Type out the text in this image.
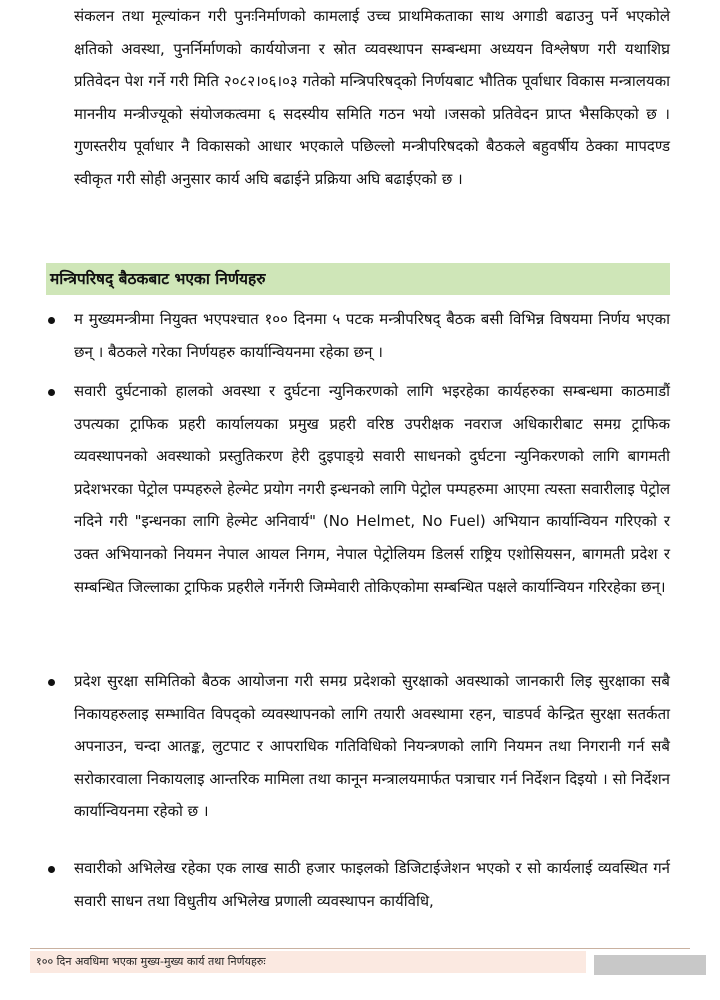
संकलन तथा मूल्यांकन गरी पुनःनिर्माणको कामलाई उच्च प्राथमिकताका साथ अगाडी बढाउनु पर्ने भएकोले क्षतिको अवस्था, पुनर्निर्माणको कार्ययोजना र स्रोत व्यवस्थापन सम्बन्धमा अध्ययन विश्लेषण गरी यथाशिघ्र प्रतिवेदन पेश गर्ने गरी मिति २०८२।०६।०३ गतेको मन्त्रिपरिषद्को निर्णयबाट भौतिक पूर्वाधार विकास मन्त्रालयका माननीय मन्त्रीज्यूको संयोजकत्वमा ६ सदस्यीय समिति गठन भयो ।जसको प्रतिवेदन प्राप्त भैसकिएको छ । गुणस्तरीय पूर्वाधार नै विकासको आधार भएकाले पछिल्लो मन्त्रीपरिषदको बैठकले बहुवर्षीय ठेक्का मापदण्ड स्वीकृत गरी सोही अनुसार कार्य अघि बढाईने प्रक्रिया अघि बढाईएको छ ।

मन्त्रिपरिषद् बैठकबाट भएका निर्णयहरु
म मुख्यमन्त्रीमा नियुक्त भएपश्चात १०० दिनमा ५ पटक मन्त्रीपरिषद् बैठक बसी विभिन्न विषयमा निर्णय भएका छन् । बैठकले गरेका निर्णयहरु कार्यान्वियनमा रहेका छन् ।
सवारी दुर्घटनाको हालको अवस्था र दुर्घटना न्युनिकरणको लागि भइरहेका कार्यहरुका सम्बन्धमा काठमाडौं उपत्यका ट्राफिक प्रहरी कार्यालयका प्रमुख प्रहरी वरिष्ठ उपरीक्षक नवराज अधिकारीबाट समग्र ट्राफिक व्यवस्थापनको अवस्थाको प्रस्तुतिकरण हेरी दुइपाङ्ग्रे सवारी साधनको दुर्घटना न्युनिकरणको लागि बागमती प्रदेशभरका पेट्रोल पम्पहरुले हेल्मेट प्रयोग नगरी इन्धनको लागि पेट्रोल पम्पहरुमा आएमा त्यस्ता सवारीलाइ पेट्रोल नदिने गरी "इन्धनका लागि हेल्मेट अनिवार्य" (No Helmet, No Fuel) अभियान कार्यान्वियन गरिएको र उक्त अभियानको नियमन नेपाल आयल निगम, नेपाल पेट्रोलियम डिलर्स राष्ट्रिय एशोसियसन, बागमती प्रदेश र सम्बन्धित जिल्लाका ट्राफिक प्रहरीले गर्नेगरी जिम्मेवारी तोकिएकोमा सम्बन्धित पक्षले कार्यान्वियन गरिरहेका छन्।
प्रदेश सुरक्षा समितिको बैठक आयोजना गरी समग्र प्रदेशको सुरक्षाको अवस्थाको जानकारी लिइ सुरक्षाका सबै निकायहरुलाइ सम्भावित विपद्को व्यवस्थापनको लागि तयारी अवस्थामा रहन, चाडपर्व केन्द्रित सुरक्षा सतर्कता अपनाउन, चन्दा आतङ्क, लुटपाट र आपराधिक गतिविधिको नियन्त्रणको लागि नियमन तथा निगरानी गर्न सबै सरोकारवाला निकायलाइ आन्तरिक मामिला तथा कानून मन्त्रालयमार्फत पत्राचार गर्न निर्देशन दिइयो । सो निर्देशन कार्यान्वियनमा रहेको छ ।
सवारीको अभिलेख रहेका एक लाख साठी हजार फाइलको डिजिटाईजेशन भएको र सो कार्यलाई व्यवस्थित गर्न सवारी साधन तथा विधुतीय अभिलेख प्रणाली व्यवस्थापन कार्यविधि,
१०० दिन अवधिमा भएका मुख्य-मुख्य कार्य तथा निर्णयहरुः
